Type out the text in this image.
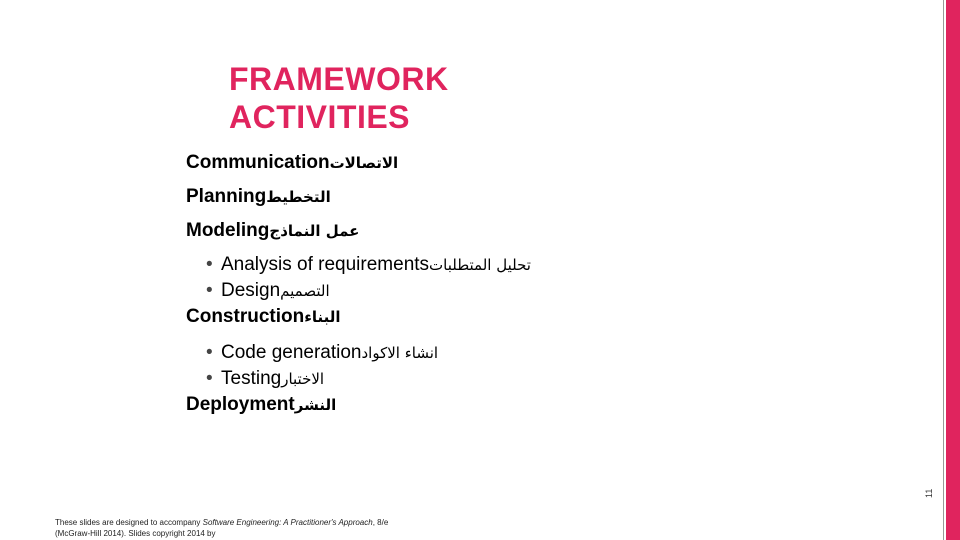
FRAMEWORK
ACTIVITIES
Communicationالاتصالات
Planningالتخطيط
Modelingعمل النماذج
• Analysis of requirementsتحليل المتطلبات
• Designالتصميم
Constructionالبناء
• Code generationانشاء الاكواد
• Testingالاختبار
Deploymentالنشر
These slides are designed to accompany Software Engineering: A Practitioner's Approach, 8/e (McGraw-Hill 2014). Slides copyright 2014 by
11
